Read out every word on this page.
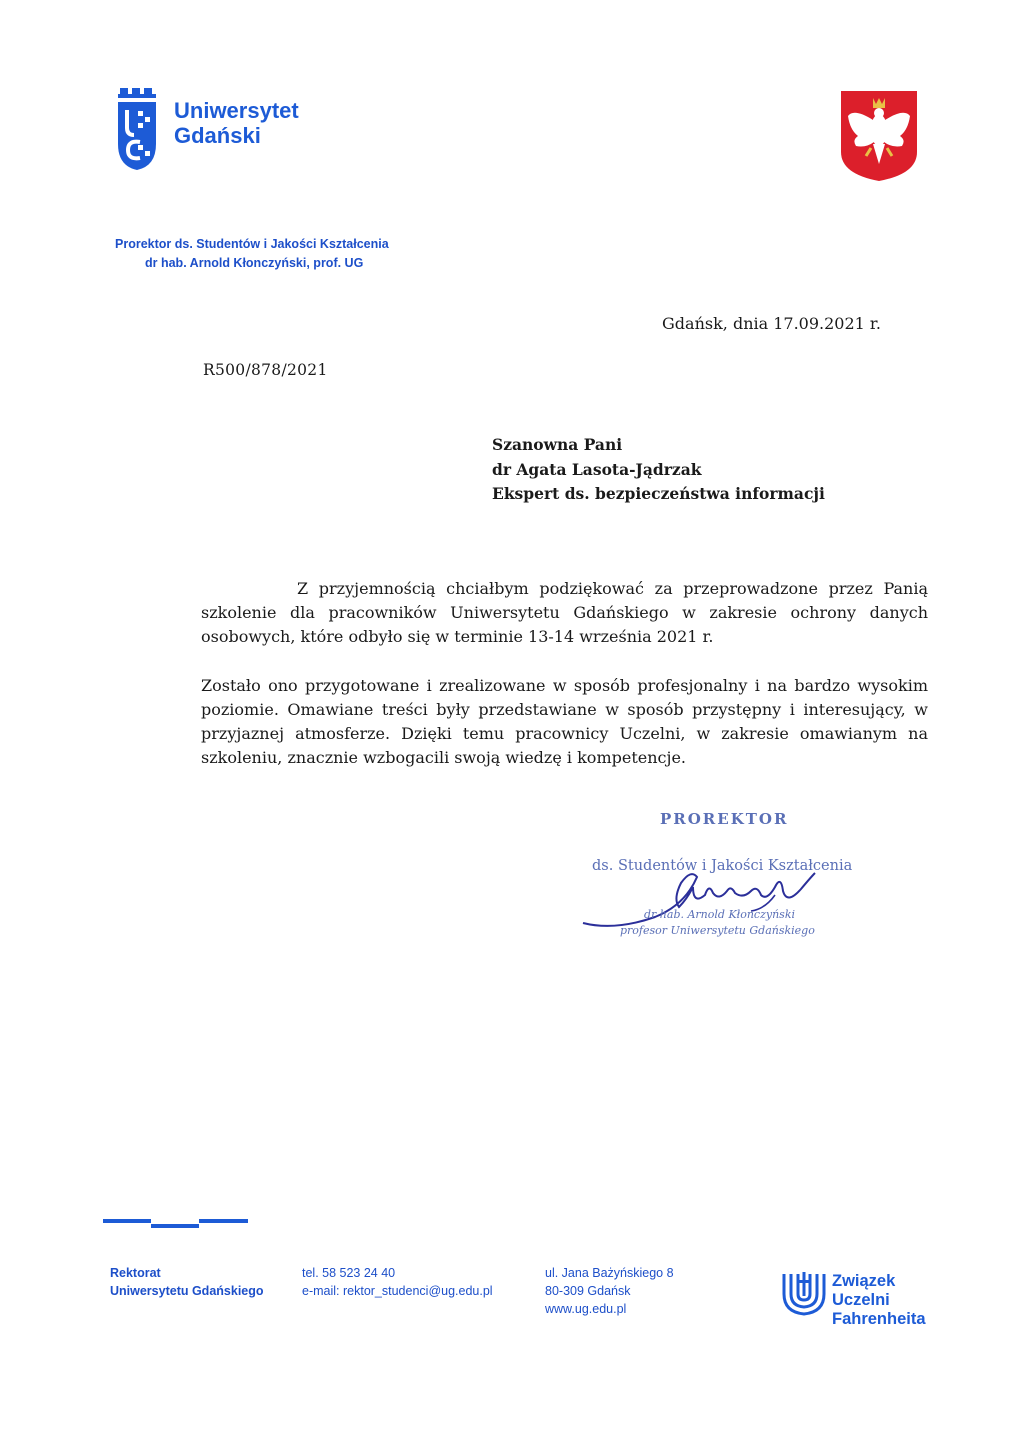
Uniwersytet
Gdański
Prorektor ds. Studentów i Jakości Kształcenia
dr hab. Arnold Kłonczyński, prof. UG
Gdańsk, dnia 17.09.2021 r.
R500/878/2021
Szanowna Pani
dr Agata Lasota-Jądrzak
Ekspert ds. bezpieczeństwa informacji

Z przyjemnością chciałbym podziękować za przeprowadzone przez Panią szkolenie dla pracowników Uniwersytetu Gdańskiego w zakresie ochrony danych osobowych, które odbyło się w terminie 13-14 września 2021 r.

Zostało ono przygotowane i zrealizowane w sposób profesjonalny i na bardzo wysokim poziomie. Omawiane treści były przedstawiane w sposób przystępny i interesujący, w przyjaznej atmosferze. Dzięki temu pracownicy Uczelni, w zakresie omawianym na szkoleniu, znacznie wzbogacili swoją wiedzę i kompetencje.

PROREKTOR
ds. Studentów i Jakości Kształcenia
dr hab. Arnold Kłonczyński
profesor Uniwersytetu Gdańskiego
Rektorat
Uniwersytetu Gdańskiego
tel. 58 523 24 40
e-mail: rektor_studenci@ug.edu.pl
ul. Jana Bażyńskiego 8
80-309 Gdańsk
www.ug.edu.pl
Związek
Uczelni
Fahrenheita
